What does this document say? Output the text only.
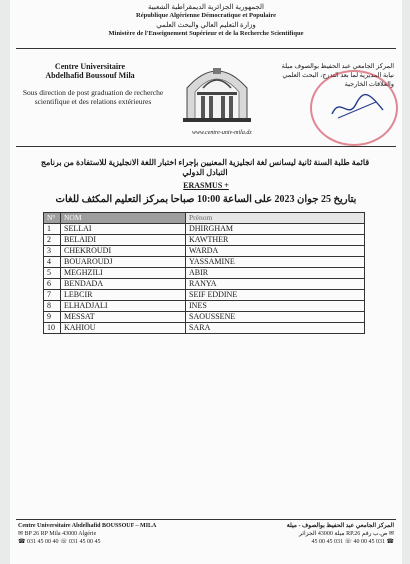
الجمهورية الجزائرية الديمقراطية الشعبية
République Algérienne Démocratique et Populaire
وزارة التعليم العالي والبحث العلمي
Ministère de l'Enseignement Supérieur et de la Recherche Scientifique
Centre Universitaire
Abdelhafid Boussouf Mila
Sous direction de post graduation de recherche scientifique et des relations extérieures
www.centre-univ-mila.dz
المركز الجامعي عبد الحفيظ بوالصوف ميلة
نيابة المديرية لما بعد التدرج، البحث العلمي والعلاقات الخارجية
قائمة طلبة السنة ثانية ليسانس لغة انجليزية المعنيين بإجراء اختبار اللغة الانجليزية للاستفادة من برنامج التبادل الدولي
ERASMUS +
بتاريخ 25 جوان 2023 على الساعة 10:00 صباحا بمركز التعليم المكثف للغات
N°	NOM	Prénom
1	SELLAI	DHIRGHAM
2	BELAIDI	KAWTHER
3	CHEKROUDI	WARDA
4	BOUAROUDJ	YASSAMINE
5	MEGHZILI	ABIR
6	BENDADA	RANYA
7	LEBCIR	SEIF EDDINE
8	ELHADJALI	INES
9	MESSAT	SAOUSSENE
10	KAHIOU	SARA
Centre Universitaire Abdelhafid BOUSSOUF – MILA
✉ BP 26 RP Mila 43000 Algérie
☎ 031 45 00 40 ☏ 031 45 00 45
المركز الجامعي عبد الحفيظ بوالصوف - ميلة
✉ ص.ب رقم RP.26 ميلة 43000 الجزائر
☎ 031 45 00 40 ☏ 031 45 00 45
